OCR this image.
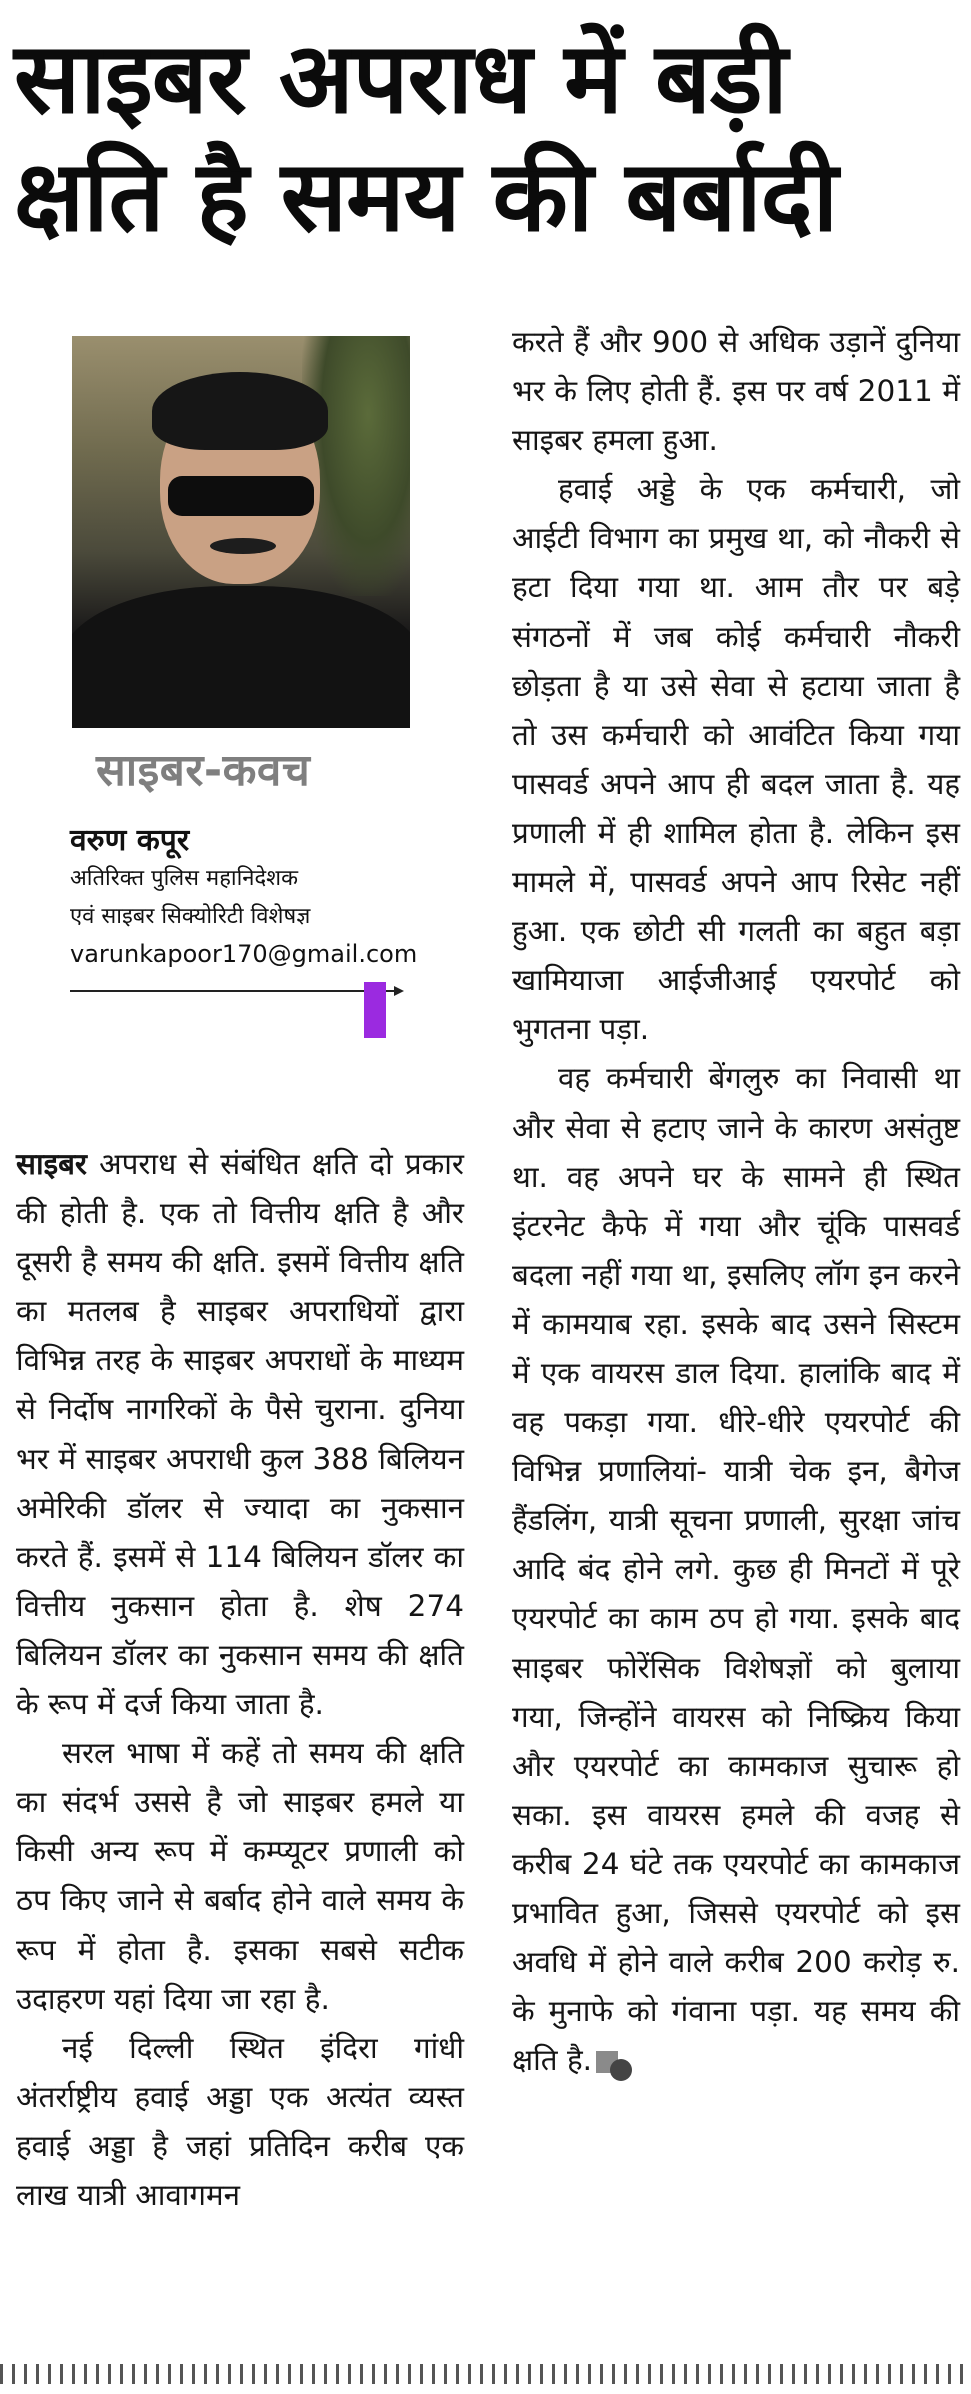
साइबर अपराध में बड़ी
क्षति है समय की बर्बादी
साइबर-कवच
वरुण कपूर
अतिरिक्त पुलिस महानिदेशक
एवं साइबर सिक्योरिटी विशेषज्ञ
varunkapoor170@gmail.com

साइबर अपराध से संबंधित क्षति दो प्रकार की होती है. एक तो वित्तीय क्षति है और दूसरी है समय की क्षति. इसमें वित्तीय क्षति का मतलब है साइबर अपराधियों द्वारा विभिन्न तरह के साइबर अपराधों के माध्यम से निर्दोष नागरिकों के पैसे चुराना. दुनिया भर में साइबर अपराधी कुल 388 बिलियन अमेरिकी डॉलर से ज्यादा का नुकसान करते हैं. इसमें से 114 बिलियन डॉलर का वित्तीय नुकसान होता है. शेष 274 बिलियन डॉलर का नुकसान समय की क्षति के रूप में दर्ज किया जाता है.

सरल भाषा में कहें तो समय की क्षति का संदर्भ उससे है जो साइबर हमले या किसी अन्य रूप में कम्प्यूटर प्रणाली को ठप किए जाने से बर्बाद होने वाले समय के रूप में होता है. इसका सबसे सटीक उदाहरण यहां दिया जा रहा है.

नई दिल्ली स्थित इंदिरा गांधी अंतर्राष्ट्रीय हवाई अड्डा एक अत्यंत व्यस्त हवाई अड्डा है जहां प्रतिदिन करीब एक लाख यात्री आवागमन

करते हैं और 900 से अधिक उड़ानें दुनिया भर के लिए होती हैं. इस पर वर्ष 2011 में साइबर हमला हुआ.

हवाई अड्डे के एक कर्मचारी, जो आईटी विभाग का प्रमुख था, को नौकरी से हटा दिया गया था. आम तौर पर बड़े संगठनों में जब कोई कर्मचारी नौकरी छोड़ता है या उसे सेवा से हटाया जाता है तो उस कर्मचारी को आवंटित किया गया पासवर्ड अपने आप ही बदल जाता है. यह प्रणाली में ही शामिल होता है. लेकिन इस मामले में, पासवर्ड अपने आप रिसेट नहीं हुआ. एक छोटी सी गलती का बहुत बड़ा खामियाजा आईजीआई एयरपोर्ट को भुगतना पड़ा.

वह कर्मचारी बेंगलुरु का निवासी था और सेवा से हटाए जाने के कारण असंतुष्ट था. वह अपने घर के सामने ही स्थित इंटरनेट कैफे में गया और चूंकि पासवर्ड बदला नहीं गया था, इसलिए लॉग इन करने में कामयाब रहा. इसके बाद उसने सिस्टम में एक वायरस डाल दिया. हालांकि बाद में वह पकड़ा गया. धीरे-धीरे एयरपोर्ट की विभिन्न प्रणालियां- यात्री चेक इन, बैगेज हैंडलिंग, यात्री सूचना प्रणाली, सुरक्षा जांच आदि बंद होने लगे. कुछ ही मिनटों में पूरे एयरपोर्ट का काम ठप हो गया. इसके बाद साइबर फोरेंसिक विशेषज्ञों को बुलाया गया, जिन्होंने वायरस को निष्क्रिय किया और एयरपोर्ट का कामकाज सुचारू हो सका. इस वायरस हमले की वजह से करीब 24 घंटे तक एयरपोर्ट का कामकाज प्रभावित हुआ, जिससे एयरपोर्ट को इस अवधि में होने वाले करीब 200 करोड़ रु. के मुनाफे को गंवाना पड़ा. यह समय की क्षति है.
